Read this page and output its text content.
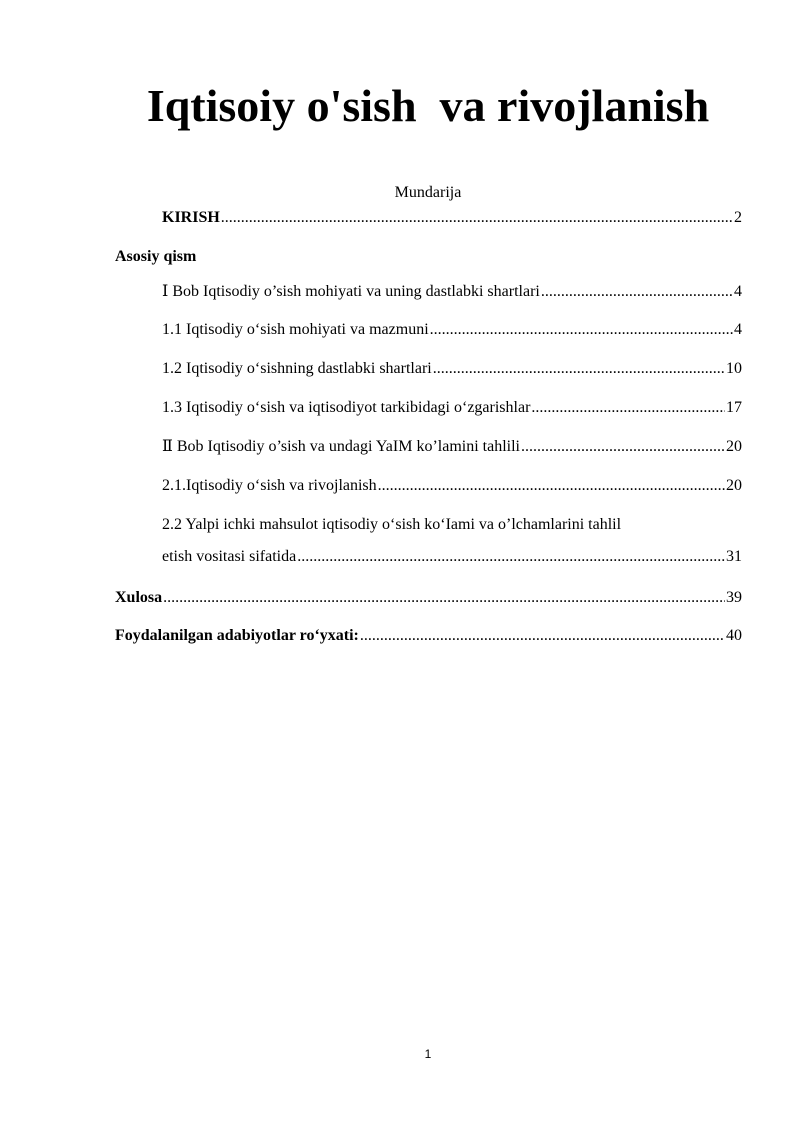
Iqtisoiy o'sish  va rivojlanish
Mundarija
KIRISH .....	2
Asosiy qism
Ⅰ Bob Iqtisodiy o’sish mohiyati va uning dastlabki shartlari .....	4
1.1 Iqtisodiy o‘sish mohiyati va mazmuni .....	4
1.2 Iqtisodiy o‘sishning dastlabki shartlari .....	10
1.3 Iqtisodiy o‘sish va iqtisodiyot tarkibidagi o‘zgarishlar .....	17
Ⅱ Bob Iqtisodiy o’sish va undagi YaIM ko’lamini tahlili .....	20
2.1.Iqtisodiy o‘sish va rivojlanish .....	20
2.2 Yalpi ichki mahsulot iqtisodiy o‘sish ko‘Iami va o’lchamlarini tahlil
etish vositasi sifatida .....	31
Xulosa .....	39
Foydalanilgan adabiyotlar ro‘yxati: .....	40
1
